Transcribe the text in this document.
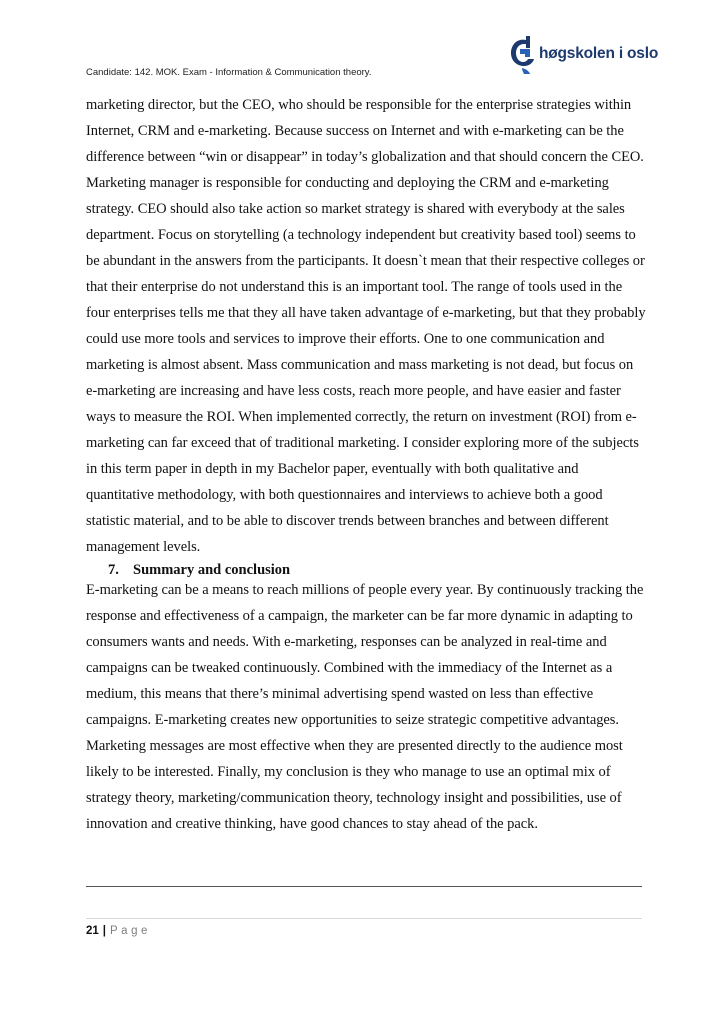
Candidate: 142. MOK. Exam - Information & Communication theory.
høgskolen i oslo

marketing director, but the CEO, who should be responsible for the enterprise strategies within Internet, CRM and e-marketing. Because success on Internet and with e-marketing can be the difference between “win or disappear” in today’s globalization and that should concern the CEO. Marketing manager is responsible for conducting and deploying the CRM and e-marketing strategy. CEO should also take action so market strategy is shared with everybody at the sales department. Focus on storytelling (a technology independent but creativity based tool) seems to be abundant in the answers from the participants. It doesn`t mean that their respective colleges or that their enterprise do not understand this is an important tool. The range of tools used in the four enterprises tells me that they all have taken advantage of e-marketing, but that they probably could use more tools and services to improve their efforts. One to one communication and marketing is almost absent. Mass communication and mass marketing is not dead, but focus on e-marketing are increasing and have less costs, reach more people, and have easier and faster ways to measure the ROI. When implemented correctly, the return on investment (ROI) from e-marketing can far exceed that of traditional marketing. I consider exploring more of the subjects in this term paper in depth in my Bachelor paper, eventually with both qualitative and quantitative methodology, with both questionnaires and interviews to achieve both a good statistic material, and to be able to discover trends between branches and between different management levels.

7. Summary and conclusion

E-marketing can be a means to reach millions of people every year. By continuously tracking the response and effectiveness of a campaign, the marketer can be far more dynamic in adapting to consumers wants and needs. With e-marketing, responses can be analyzed in real-time and campaigns can be tweaked continuously. Combined with the immediacy of the Internet as a medium, this means that there’s minimal advertising spend wasted on less than effective campaigns. E-marketing creates new opportunities to seize strategic competitive advantages. Marketing messages are most effective when they are presented directly to the audience most likely to be interested. Finally, my conclusion is they who manage to use an optimal mix of strategy theory, marketing/communication theory, technology insight and possibilities, use of innovation and creative thinking, have good chances to stay ahead of the pack.

21 | Page
